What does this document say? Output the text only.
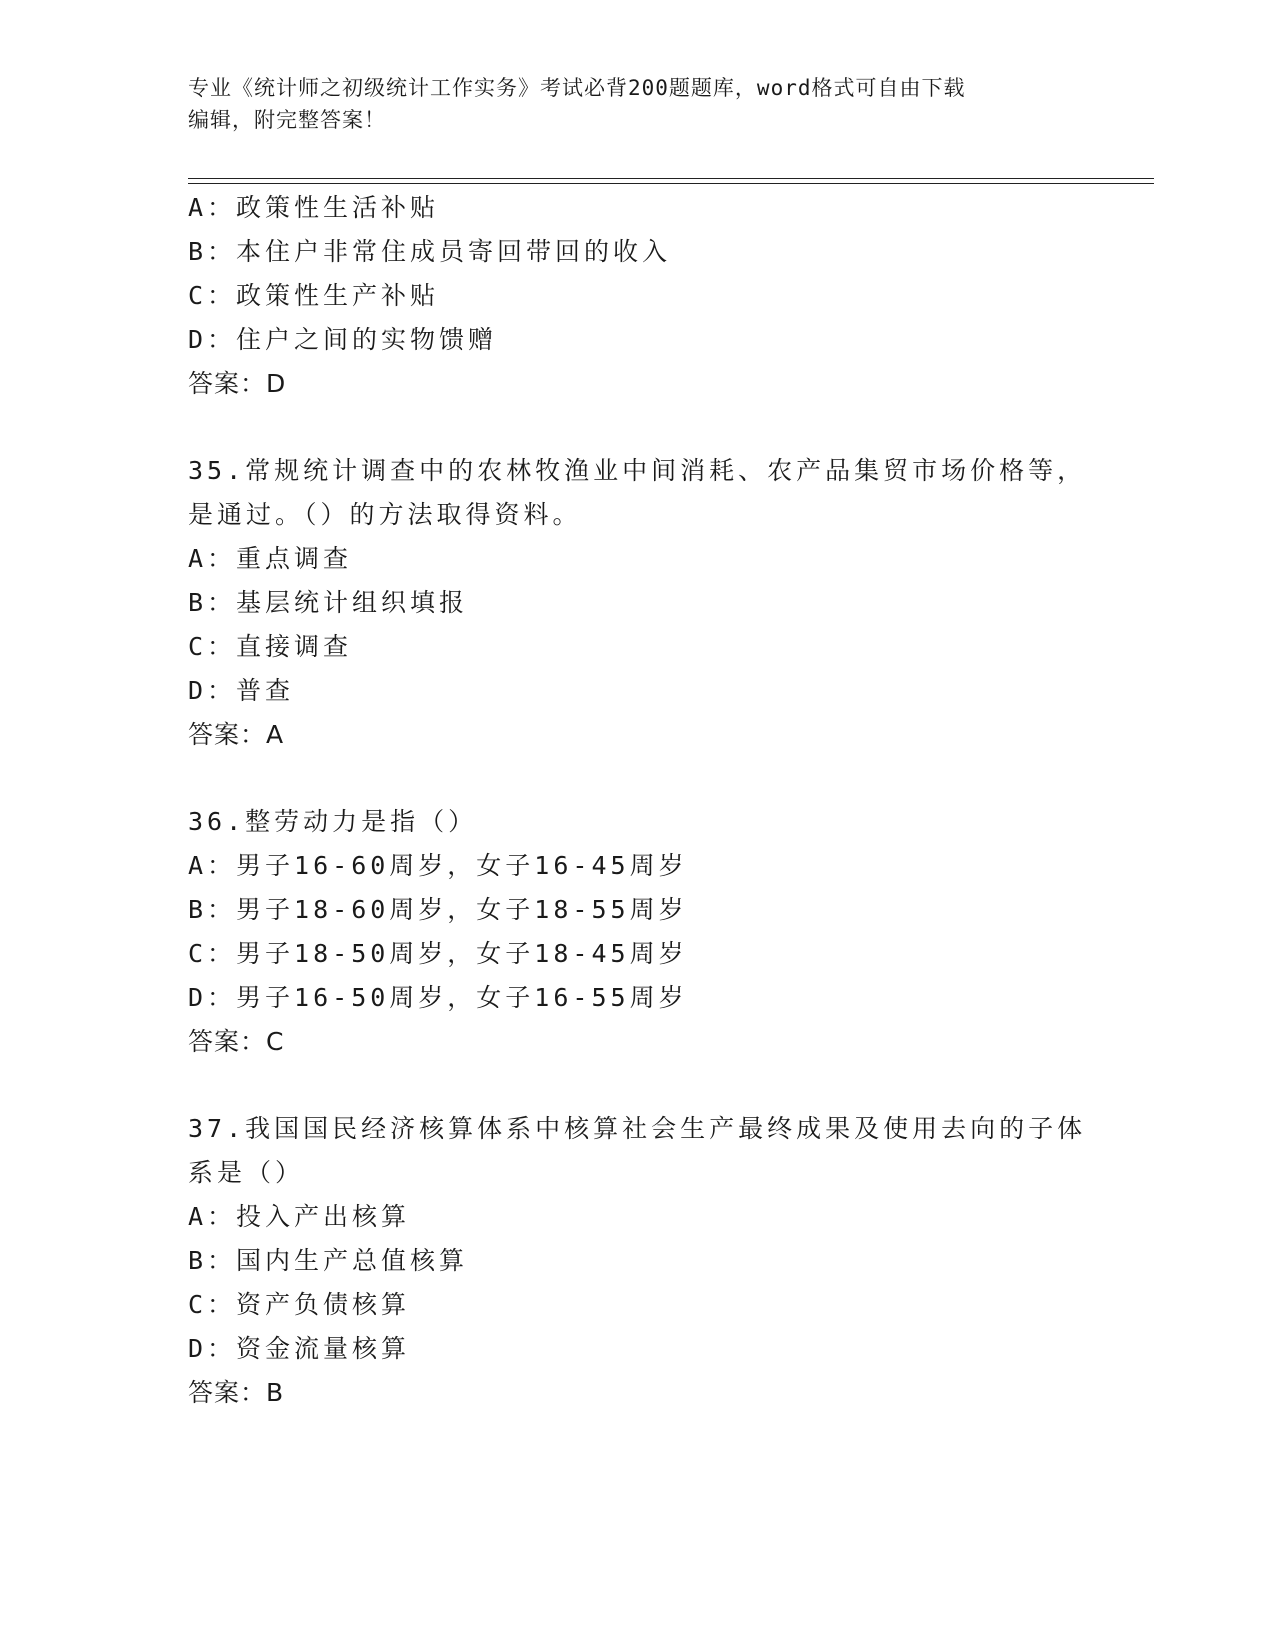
专业《统计师之初级统计工作实务》考试必背200题题库，word格式可自由下载
编辑，附完整答案！
A：政策性生活补贴
B：本住户非常住成员寄回带回的收入
C：政策性生产补贴
D：住户之间的实物馈赠
答案：D
35.常规统计调查中的农林牧渔业中间消耗、农产品集贸市场价格等，
是通过。（）的方法取得资料。
A：重点调查
B：基层统计组织填报
C：直接调查
D：普查
答案：A
36.整劳动力是指（）
A：男子16-60周岁，女子16-45周岁
B：男子18-60周岁，女子18-55周岁
C：男子18-50周岁，女子18-45周岁
D：男子16-50周岁，女子16-55周岁
答案：C
37.我国国民经济核算体系中核算社会生产最终成果及使用去向的子体
系是（）
A：投入产出核算
B：国内生产总值核算
C：资产负债核算
D：资金流量核算
答案：B
